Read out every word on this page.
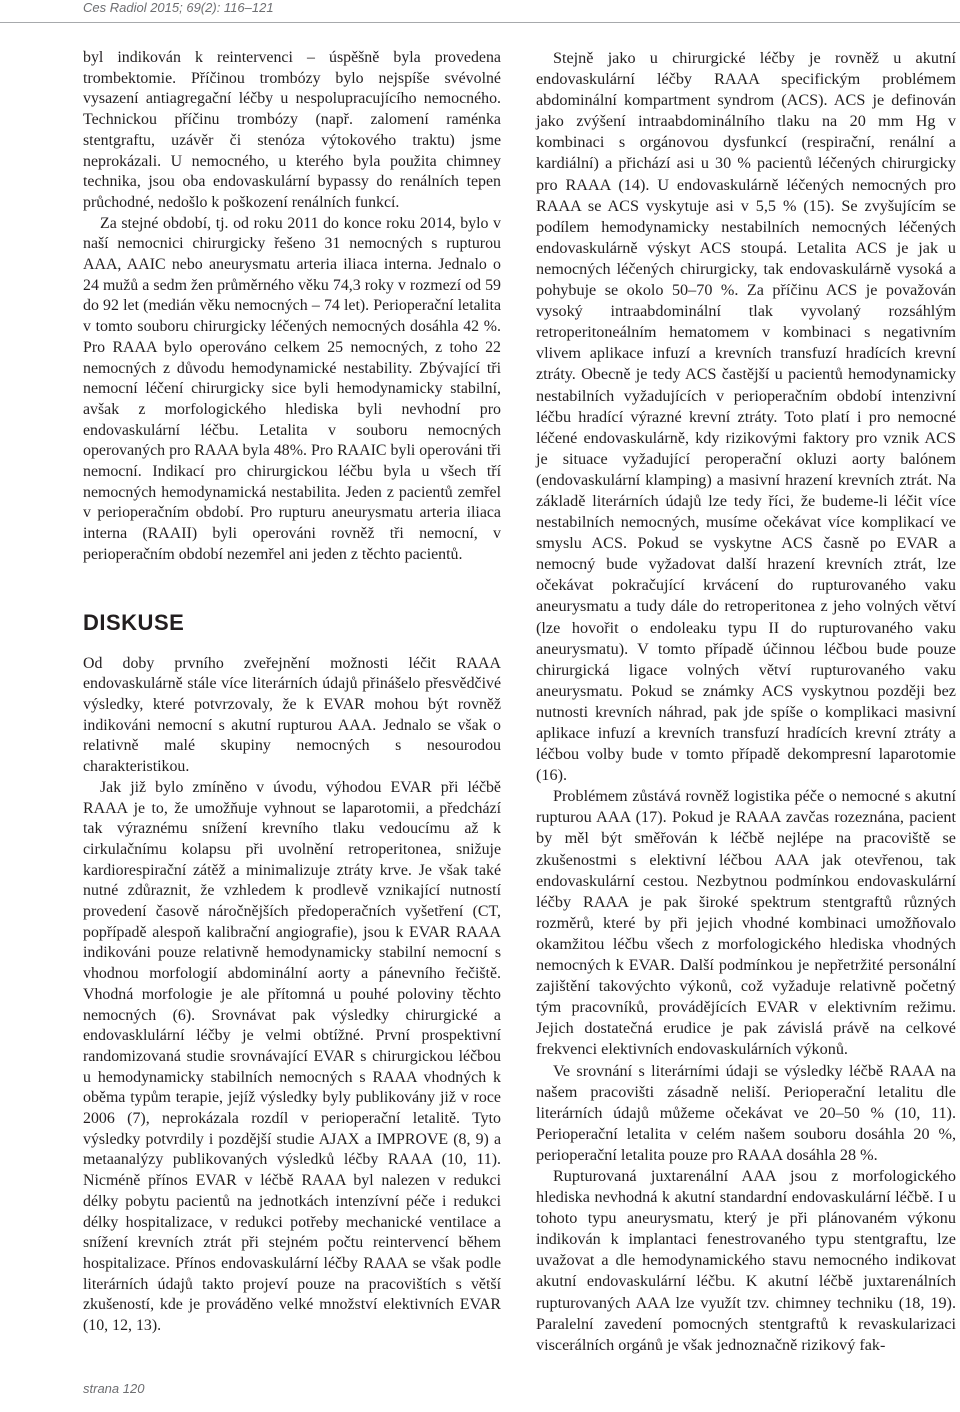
Ces Radiol 2015; 69(2): 116–121

byl indikován k reintervenci – úspěšně byla provedena trombektomie. Příčinou trombózy bylo nejspíše svévolné vysazení antiagregační léčby u nespolupracujícího nemocného. Technickou příčinu trombózy (např. zalomení raménka stentgraftu, uzávěr či stenóza výtokového traktu) jsme neprokázali. U nemocného, u kterého byla použita chimney technika, jsou oba endovaskulární bypassy do renálních tepen průchodné, nedošlo k poškození renálních funkcí.

Za stejné období, tj. od roku 2011 do konce roku 2014, bylo v naší nemocnici chirurgicky řešeno 31 nemocných s rupturou AAA, AAIC nebo aneurysmatu arteria iliaca interna. Jednalo o 24 mužů a sedm žen průměrného věku 74,3 roky v rozmezí od 59 do 92 let (medián věku nemocných – 74 let). Perioperační letalita v tomto souboru chirurgicky léčených nemocných dosáhla 42 %. Pro RAAA bylo operováno celkem 25 nemocných, z toho 22 nemocných z důvodu hemodynamické nestability. Zbývající tři nemocní léčení chirurgicky sice byli hemodynamicky stabilní, avšak z morfologického hlediska byli nevhodní pro endovaskulární léčbu. Letalita v souboru nemocných operovaných pro RAAA byla 48%. Pro RAAIC byli operováni tři nemocní. Indikací pro chirurgickou léčbu byla u všech tří nemocných hemodynamická nestabilita. Jeden z pacientů zemřel v perioperačním období. Pro rupturu aneurysmatu arteria iliaca interna (RAAII) byli operováni rovněž tři nemocní, v perioperačním období nezemřel ani jeden z těchto pacientů.

DISKUSE

Od doby prvního zveřejnění možnosti léčit RAAA endovaskulárně stále více literárních údajů přinášelo přesvědčivé výsledky, které potvrzovaly, že k EVAR mohou být rovněž indikováni nemocní s akutní rupturou AAA. Jednalo se však o relativně malé skupiny nemocných s nesourodou charakteristikou.

Jak již bylo zmíněno v úvodu, výhodou EVAR při léčbě RAAA je to, že umožňuje vyhnout se laparotomii, a předchází tak výraznému snížení krevního tlaku vedoucímu až k cirkulačnímu kolapsu při uvolnění retroperitonea, snižuje kardiorespirační zátěž a minimalizuje ztráty krve. Je však také nutné zdůraznit, že vzhledem k prodlevě vznikající nutností provedení časově náročnějších předoperačních vyšetření (CT, popřípadě alespoň kalibrační angiografie), jsou k EVAR RAAA indikováni pouze relativně hemodynamicky stabilní nemocní s vhodnou morfologií abdominální aorty a pánevního řečiště. Vhodná morfologie je ale přítomná u pouhé poloviny těchto nemocných (6). Srovnávat pak výsledky chirurgické a endovasklulární léčby je velmi obtížné. První prospektivní randomizovaná studie srovnávající EVAR s chirurgickou léčbou u hemodynamicky stabilních nemocných s RAAA vhodných k oběma typům terapie, jejíž výsledky byly publikovány již v roce 2006 (7), neprokázala rozdíl v perioperační letalitě. Tyto výsledky potvrdily i pozdější studie AJAX a IMPROVE (8, 9) a metaanalýzy publikovaných výsledků léčby RAAA (10, 11). Nicméně přínos EVAR v léčbě RAAA byl nalezen v redukci délky pobytu pacientů na jednotkách intenzívní péče i redukci délky hospitalizace, v redukci potřeby mechanické ventilace a snížení krevních ztrát při stejném počtu reintervencí během hospitalizace. Přínos endovaskulární léčby RAAA se však podle literárních údajů takto projeví pouze na pracovištích s větší zkušeností, kde je prováděno velké množství elektivních EVAR (10, 12, 13).

Stejně jako u chirurgické léčby je rovněž u akutní endovaskulární léčby RAAA specifickým problémem abdominální kompartment syndrom (ACS). ACS je definován jako zvýšení intraabdominálního tlaku na 20 mm Hg v kombinaci s orgánovou dysfunkcí (respirační, renální a kardiální) a přichází asi u 30 % pacientů léčených chirurgicky pro RAAA (14). U endovaskulárně léčených nemocných pro RAAA se ACS vyskytuje asi v 5,5 % (15). Se zvyšujícím se podílem hemodynamicky nestabilních nemocných léčených endovaskulárně výskyt ACS stoupá. Letalita ACS je jak u nemocných léčených chirurgicky, tak endovaskulárně vysoká a pohybuje se okolo 50–70 %. Za příčinu ACS je považován vysoký intraabdominální tlak vyvolaný rozsáhlým retroperitoneálním hematomem v kombinaci s negativním vlivem aplikace infuzí a krevních transfuzí hradících krevní ztráty. Obecně je tedy ACS častější u pacientů hemodynamicky nestabilních vyžadujících v perioperačním období intenzivní léčbu hradící výrazné krevní ztráty. Toto platí i pro nemocné léčené endovaskulárně, kdy rizikovými faktory pro vznik ACS je situace vyžadující peroperační okluzi aorty balónem (endovaskulární klamping) a masivní hrazení krevních ztrát. Na základě literárních údajů lze tedy říci, že budeme-li léčit více nestabilních nemocných, musíme očekávat více komplikací ve smyslu ACS. Pokud se vyskytne ACS časně po EVAR a nemocný bude vyžadovat další hrazení krevních ztrát, lze očekávat pokračující krvácení do rupturovaného vaku aneurysmatu a tudy dále do retroperitonea z jeho volných větví (lze hovořit o endoleaku typu II do rupturovaného vaku aneurysmatu). V tomto případě účinnou léčbou bude pouze chirurgická ligace volných větví rupturovaného vaku aneurysmatu. Pokud se známky ACS vyskytnou později bez nutnosti krevních náhrad, pak jde spíše o komplikaci masivní aplikace infuzí a krevních transfuzí hradících krevní ztráty a léčbou volby bude v tomto případě dekompresní laparotomie (16).

Problémem zůstává rovněž logistika péče o nemocné s akutní rupturou AAA (17). Pokud je RAAA zavčas rozeznána, pacient by měl být směřován k léčbě nejlépe na pracoviště se zkušenostmi s elektivní léčbou AAA jak otevřenou, tak endovaskulární cestou. Nezbytnou podmínkou endovaskulární léčby RAAA je pak široké spektrum stentgraftů různých rozměrů, které by při jejich vhodné kombinaci umožňovalo okamžitou léčbu všech z morfologického hlediska vhodných nemocných k EVAR. Další podmínkou je nepřetržité personální zajištění takovýchto výkonů, což vyžaduje relativně početný tým pracovníků, provádějících EVAR v elektivním režimu. Jejich dostatečná erudice je pak závislá právě na celkové frekvenci elektivních endovaskulárních výkonů.

Ve srovnání s literárními údaji se výsledky léčbě RAAA na našem pracovišti zásadně neliší. Perioperační letalitu dle literárních údajů můžeme očekávat ve 20–50 % (10, 11). Perioperační letalita v celém našem souboru dosáhla 20 %, perioperační letalita pouze pro RAAA dosáhla 28 %.

Rupturovaná juxtarenální AAA jsou z morfologického hlediska nevhodná k akutní standardní endovaskulární léčbě. I u tohoto typu aneurysmatu, který je při plánovaném výkonu indikován k implantaci fenestrovaného typu stentgraftu, lze uvažovat a dle hemodynamického stavu nemocného indikovat akutní endovaskulární léčbu. K akutní léčbě juxtarenálních rupturovaných AAA lze využít tzv. chimney techniku (18, 19). Paralelní zavedení pomocných stentgraftů k revaskularizaci viscerálních orgánů je však jednoznačně rizikový fak-

strana 120
